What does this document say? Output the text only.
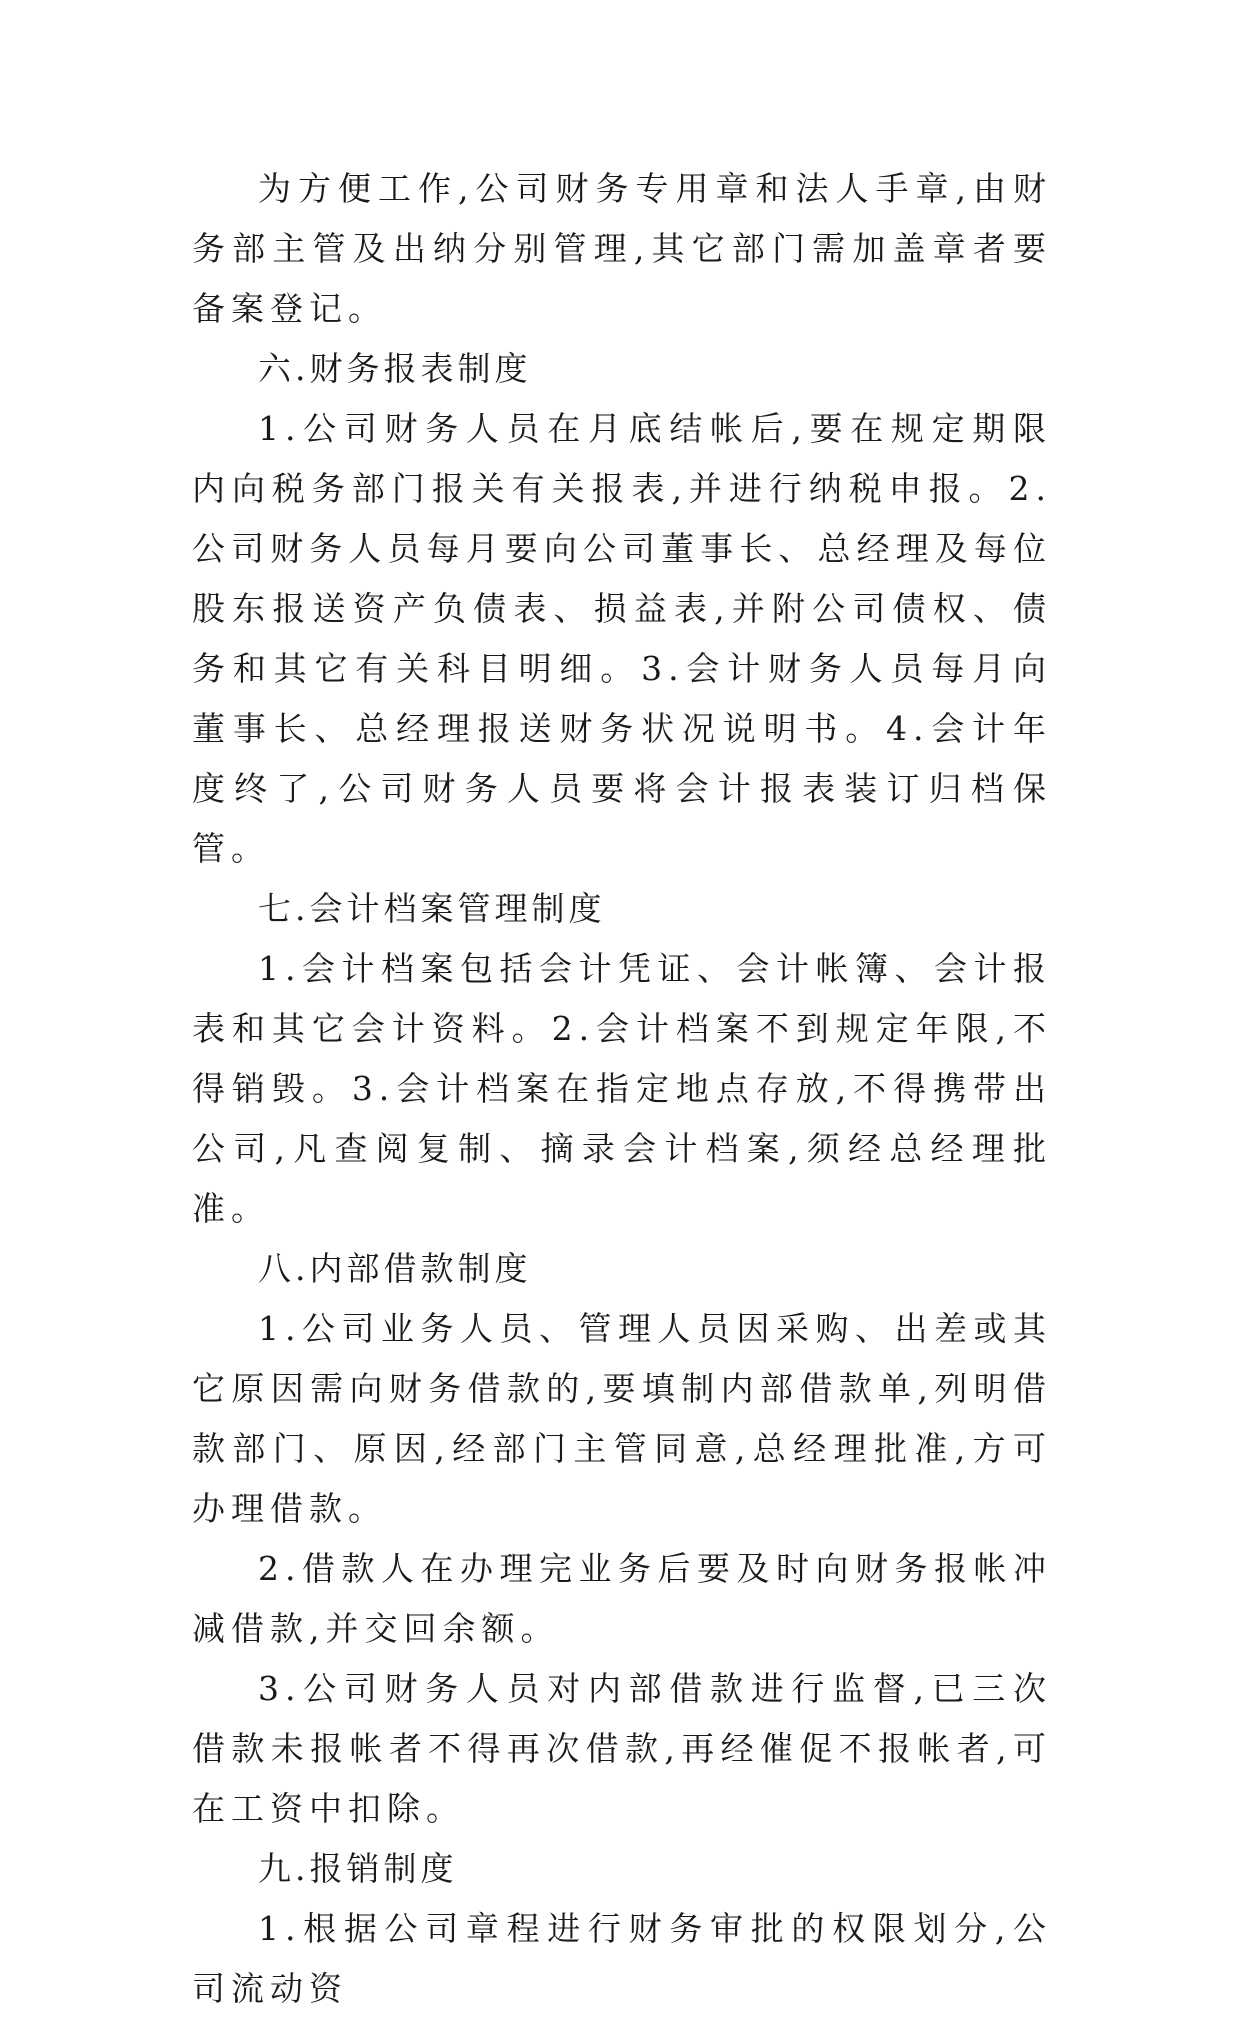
为方便工作,公司财务专用章和法人手章,由财务部主管及出纳分别管理,其它部门需加盖章者要备案登记。

六.财务报表制度

1.公司财务人员在月底结帐后,要在规定期限内向税务部门报关有关报表,并进行纳税申报。2.公司财务人员每月要向公司董事长、总经理及每位股东报送资产负债表、损益表,并附公司债权、债务和其它有关科目明细。3.会计财务人员每月向董事长、总经理报送财务状况说明书。4.会计年度终了,公司财务人员要将会计报表装订归档保管。

七.会计档案管理制度

1.会计档案包括会计凭证、会计帐簿、会计报表和其它会计资料。2.会计档案不到规定年限,不得销毁。3.会计档案在指定地点存放,不得携带出公司,凡查阅复制、摘录会计档案,须经总经理批准。

八.内部借款制度

1.公司业务人员、管理人员因采购、出差或其它原因需向财务借款的,要填制内部借款单,列明借款部门、原因,经部门主管同意,总经理批准,方可办理借款。

2.借款人在办理完业务后要及时向财务报帐冲减借款,并交回余额。

3.公司财务人员对内部借款进行监督,已三次借款未报帐者不得再次借款,再经催促不报帐者,可在工资中扣除。

九.报销制度

1.根据公司章程进行财务审批的权限划分,公司流动资
